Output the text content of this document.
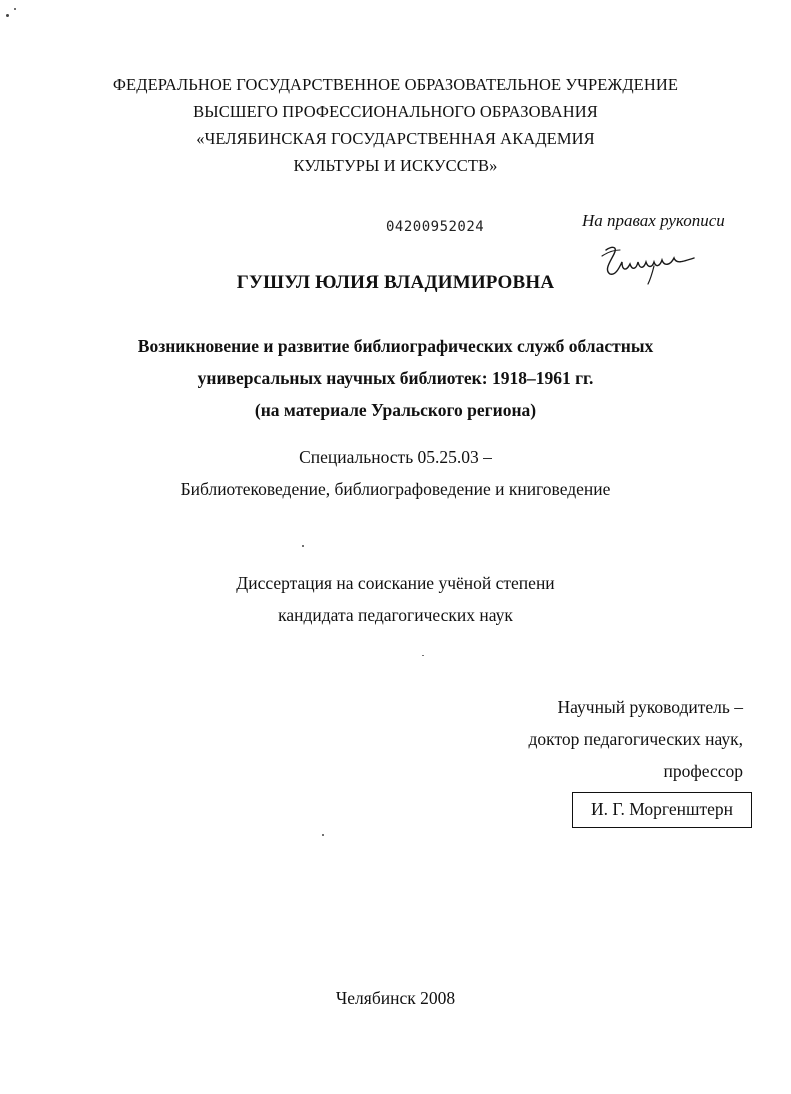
ФЕДЕРАЛЬНОЕ ГОСУДАРСТВЕННОЕ ОБРАЗОВАТЕЛЬНОЕ УЧРЕЖДЕНИЕ
ВЫСШЕГО ПРОФЕССИОНАЛЬНОГО ОБРАЗОВАНИЯ
«ЧЕЛЯБИНСКАЯ ГОСУДАРСТВЕННАЯ АКАДЕМИЯ
КУЛЬТУРЫ И ИСКУССТВ»
04200952024	На правах рукописи
ГУШУЛ ЮЛИЯ ВЛАДИМИРОВНА
Возникновение и развитие библиографических служб областных
универсальных научных библиотек: 1918–1961 гг.
(на материале Уральского региона)
Специальность 05.25.03 –
Библиотековедение, библиографоведение и книговедение
Диссертация на соискание учёной степени
кандидата педагогических наук
Научный руководитель –
доктор педагогических наук,
профессор
И. Г. Моргенштерн
Челябинск 2008
